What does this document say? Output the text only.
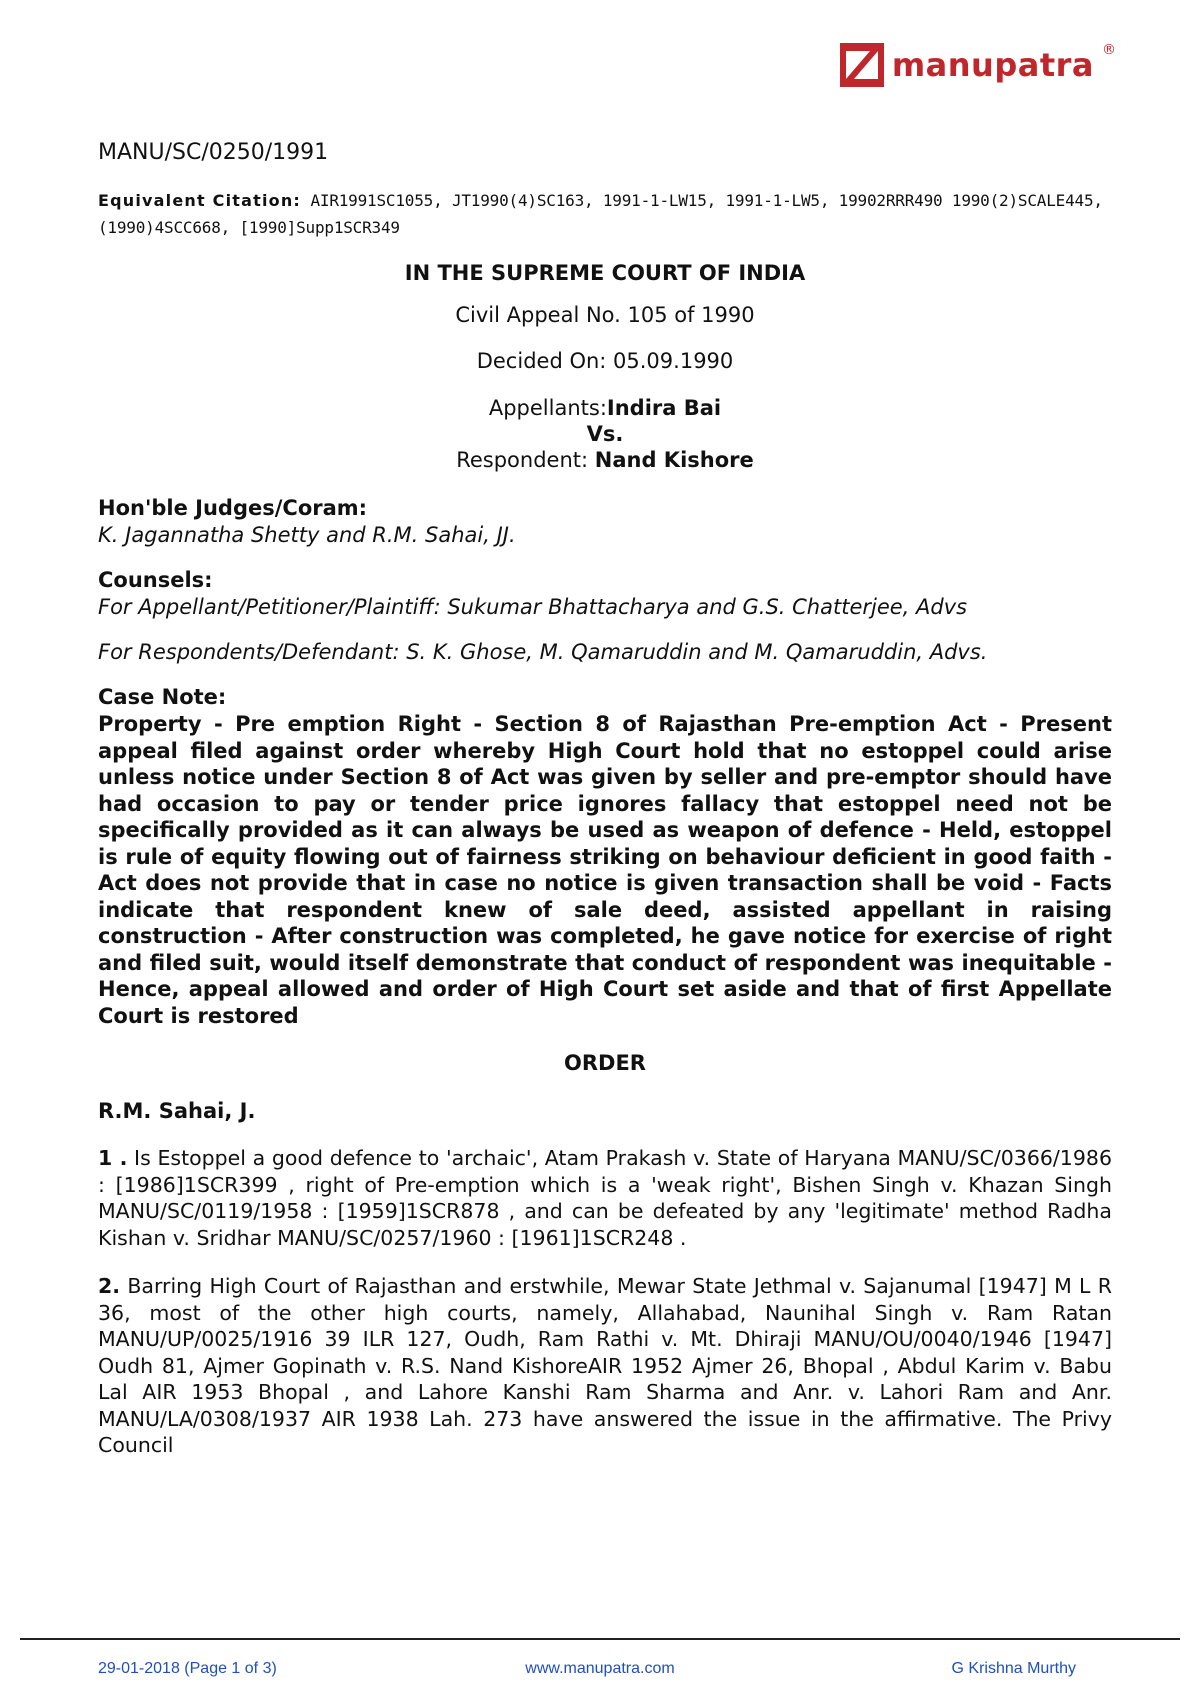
manupatra ®

MANU/SC/0250/1991

Equivalent Citation: AIR1991SC1055, JT1990(4)SC163, 1991-1-LW15, 1991-1-LW5, 19902RRR490 1990(2)SCALE445, (1990)4SCC668, [1990]Supp1SCR349

IN THE SUPREME COURT OF INDIA

Civil Appeal No. 105 of 1990

Decided On: 05.09.1990

Appellants:Indira Bai
Vs.
Respondent: Nand Kishore

Hon'ble Judges/Coram:

K. Jagannatha Shetty and R.M. Sahai, JJ.

Counsels:

For Appellant/Petitioner/Plaintiff: Sukumar Bhattacharya and G.S. Chatterjee, Advs

For Respondents/Defendant: S. K. Ghose, M. Qamaruddin and M. Qamaruddin, Advs.

Case Note:

Property - Pre emption Right - Section 8 of Rajasthan Pre-emption Act - Present appeal filed against order whereby High Court hold that no estoppel could arise unless notice under Section 8 of Act was given by seller and pre-emptor should have had occasion to pay or tender price ignores fallacy that estoppel need not be specifically provided as it can always be used as weapon of defence - Held, estoppel is rule of equity flowing out of fairness striking on behaviour deficient in good faith - Act does not provide that in case no notice is given transaction shall be void - Facts indicate that respondent knew of sale deed, assisted appellant in raising construction - After construction was completed, he gave notice for exercise of right and filed suit, would itself demonstrate that conduct of respondent was inequitable - Hence, appeal allowed and order of High Court set aside and that of first Appellate Court is restored

ORDER

R.M. Sahai, J.

1 . Is Estoppel a good defence to 'archaic', Atam Prakash v. State of Haryana MANU/SC/0366/1986 : [1986]1SCR399 , right of Pre-emption which is a 'weak right', Bishen Singh v. Khazan Singh MANU/SC/0119/1958 : [1959]1SCR878 , and can be defeated by any 'legitimate' method Radha Kishan v. Sridhar MANU/SC/0257/1960 : [1961]1SCR248 .

2. Barring High Court of Rajasthan and erstwhile, Mewar State Jethmal v. Sajanumal [1947] M L R 36, most of the other high courts, namely, Allahabad, Naunihal Singh v. Ram Ratan MANU/UP/0025/1916 39 ILR 127, Oudh, Ram Rathi v. Mt. Dhiraji MANU/OU/0040/1946 [1947] Oudh 81, Ajmer Gopinath v. R.S. Nand KishoreAIR 1952 Ajmer 26, Bhopal , Abdul Karim v. Babu Lal AIR 1953 Bhopal , and Lahore Kanshi Ram Sharma and Anr. v. Lahori Ram and Anr. MANU/LA/0308/1937 AIR 1938 Lah. 273 have answered the issue in the affirmative. The Privy Council

29-01-2018 (Page 1 of 3)	www.manupatra.com	G Krishna Murthy
